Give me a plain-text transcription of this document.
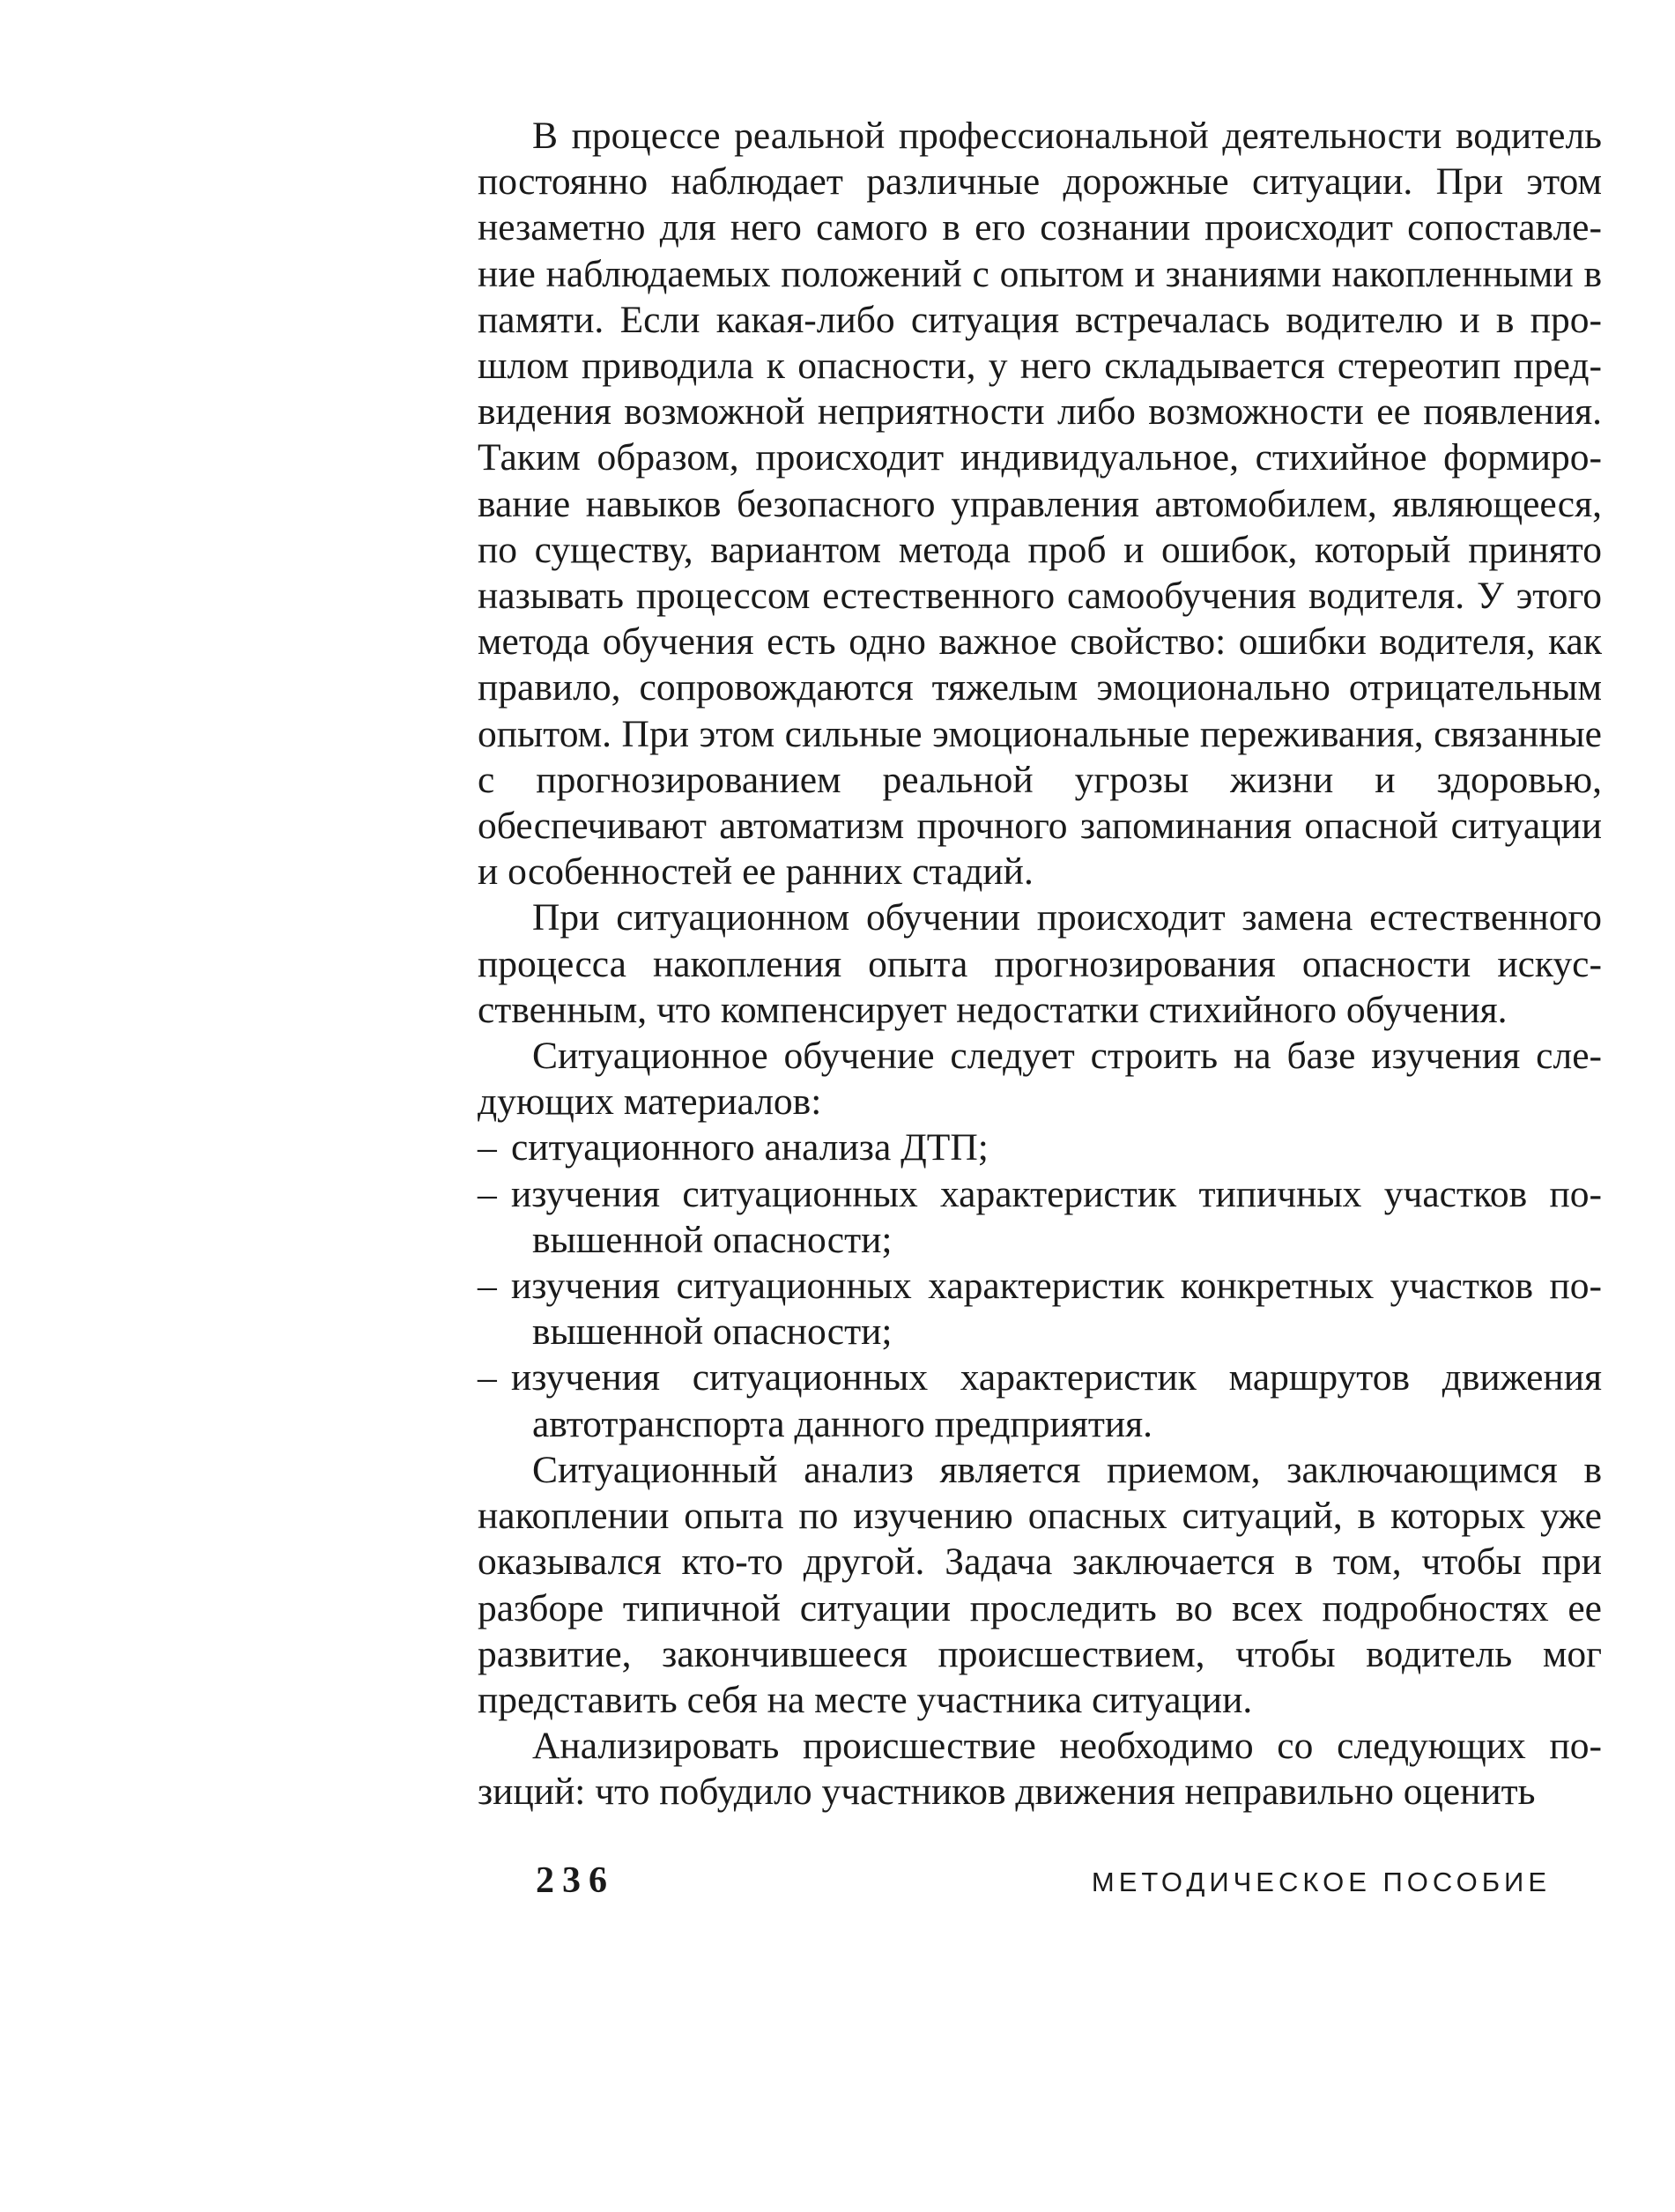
В процессе реальной профессиональной деятельности водитель постоянно наблюдает различные дорожные ситуации. При этом незаметно для него самого в его сознании происходит сопоставление наблюдаемых положений с опытом и знаниями накопленными в памяти. Если какая-либо ситуация встречалась водителю и в прошлом приводила к опасности, у него складывается стереотип предвидения возможной неприятности либо возможности ее появления. Таким образом, происходит индивидуальное, стихийное формирование навыков безопасного управления автомобилем, являющееся, по существу, вариантом метода проб и ошибок, который принято называть процессом естественного самообучения водителя. У этого метода обучения есть одно важное свойство: ошибки водителя, как правило, сопровождаются тяжелым эмоционально отрицательным опытом. При этом сильные эмоциональные переживания, связанные с прогнозированием реальной угрозы жизни и здоровью, обеспечивают автоматизм прочного запоминания опасной ситуации и особенностей ее ранних стадий.

При ситуационном обучении происходит замена естественного процесса накопления опыта прогнозирования опасности искусственным, что компенсирует недостатки стихийного обучения.

Ситуационное обучение следует строить на базе изучения следующих материалов:

– ситуационного анализа ДТП;
– изучения ситуационных характеристик типичных участков повышенной опасности;
– изучения ситуационных характеристик конкретных участков повышенной опасности;
– изучения ситуационных характеристик маршрутов движения автотранспорта данного предприятия.

Ситуационный анализ является приемом, заключающимся в накоплении опыта по изучению опасных ситуаций, в которых уже оказывался кто-то другой. Задача заключается в том, чтобы при разборе типичной ситуации проследить во всех подробностях ее развитие, закончившееся происшествием, чтобы водитель мог представить себя на месте участника ситуации.

Анализировать происшествие необходимо со следующих позиций: что побудило участников движения неправильно оценить

236	МЕТОДИЧЕСКОЕ ПОСОБИЕ
